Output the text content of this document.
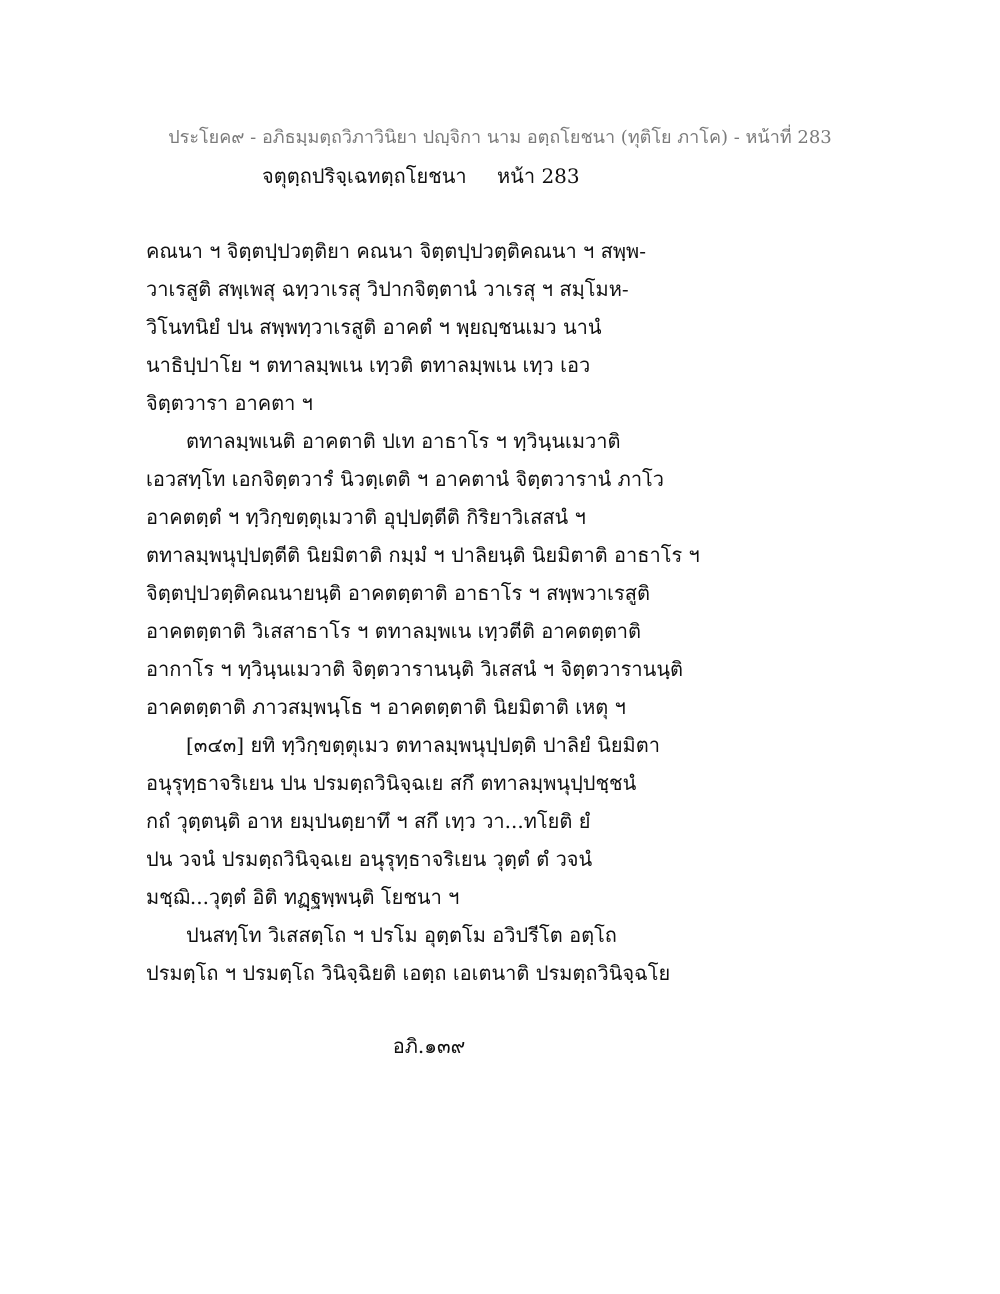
ประโยค๙ - อภิธมฺมตฺถวิภาวินิยา ปญฺจิกา นาม อตฺถโยชนา (ทุติโย ภาโค) - หน้าที่ 283
จตุตฺถปริจฺเฉทตฺถโยชนา หน้า 283
คณนา ฯ จิตฺตปฺปวตฺติยา คณนา จิตฺตปฺปวตฺติคณนา ฯ สพฺพ-
วาเรสูติ สพฺเพสุ ฉทฺวาเรสุ วิปากจิตฺตานํ วาเรสุ ฯ สมฺโมห-
วิโนทนิยํ ปน สพฺพทฺวาเรสูติ อาคตํ ฯ พฺยญฺชนเมว นานํ
นาธิปฺปาโย ฯ ตทาลมฺพเน เทฺวติ ตทาลมฺพเน เทฺว เอว
จิตฺตวารา อาคตา ฯ
ตทาลมฺพเนติ อาคตาติ ปเท อาธาโร ฯ ทฺวินฺนเมวาติ
เอวสทฺโท เอกจิตฺตวารํ นิวตฺเตติ ฯ อาคตานํ จิตฺตวารานํ ภาโว
อาคตตฺตํ ฯ ทฺวิกฺขตฺตุเมวาติ อุปฺปตฺตีติ กิริยาวิเสสนํ ฯ
ตทาลมฺพนุปฺปตฺตีติ นิยมิตาติ กมฺมํ ฯ ปาลิยนฺติ นิยมิตาติ อาธาโร ฯ
จิตฺตปฺปวตฺติคณนายนฺติ อาคตตฺตาติ อาธาโร ฯ สพฺพวาเรสูติ
อาคตตฺตาติ วิเสสาธาโร ฯ ตทาลมฺพเน เทฺวตีติ อาคตตฺตาติ
อากาโร ฯ ทฺวินฺนเมวาติ จิตฺตวารานนฺติ วิเสสนํ ฯ จิตฺตวารานนฺติ
อาคตตฺตาติ ภาวสมฺพนฺโธ ฯ อาคตตฺตาติ นิยมิตาติ เหตุ ฯ
[๓๔๓] ยทิ ทฺวิกฺขตฺตุเมว ตทาลมฺพนุปฺปตฺติ ปาลิยํ นิยมิตา
อนุรุทฺธาจริเยน ปน ปรมตฺถวินิจฺฉเย สกึ ตทาลมฺพนุปฺปชฺชนํ
กถํ วุตฺตนฺติ อาห ยมฺปนตฺยาทึ ฯ สกึ เทฺว วา...ทโยติ ยํ
ปน วจนํ ปรมตฺถวินิจฺฉเย อนุรุทฺธาจริเยน วุตฺตํ ตํ วจนํ
มชฺฌิ...วุตฺตํ อิติ ทฏฺฐพฺพนฺติ โยชนา ฯ
ปนสทฺโท วิเสสตฺโถ ฯ ปรโม อุตฺตโม อวิปรีโต อตฺโถ
ปรมตฺโถ ฯ ปรมตฺโถ วินิจฺฉิยติ เอตฺถ เอเตนาติ ปรมตฺถวินิจฺฉโย
อภิ.๑๓๙
